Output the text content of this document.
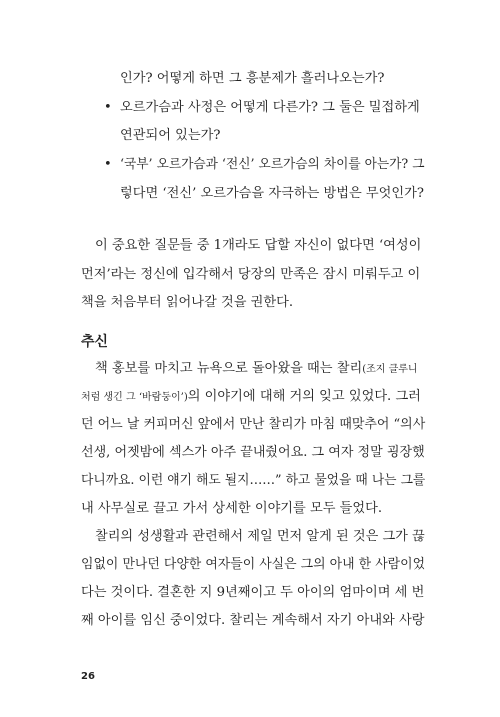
인가? 어떻게 하면 그 흥분제가 흘러나오는가?
• 오르가슴과 사정은 어떻게 다른가? 그 둘은 밀접하게
연관되어 있는가?
• ‘국부’ 오르가슴과 ‘전신’ 오르가슴의 차이를 아는가? 그
렇다면 ‘전신’ 오르가슴을 자극하는 방법은 무엇인가?
이 중요한 질문들 중 1개라도 답할 자신이 없다면 ‘여성이
먼저’라는 정신에 입각해서 당장의 만족은 잠시 미뤄두고 이
책을 처음부터 읽어나갈 것을 권한다.
추신
책 홍보를 마치고 뉴욕으로 돌아왔을 때는 찰리(조지 클루니
처럼 생긴 그 ‘바람둥이’)의 이야기에 대해 거의 잊고 있었다. 그러
던 어느 날 커피머신 앞에서 만난 찰리가 마침 때맞추어 “의사
선생, 어젯밤에 섹스가 아주 끝내줬어요. 그 여자 정말 굉장했
다니까요. 이런 얘기 해도 될지……” 하고 물었을 때 나는 그를
내 사무실로 끌고 가서 상세한 이야기를 모두 들었다.
찰리의 성생활과 관련해서 제일 먼저 알게 된 것은 그가 끊
임없이 만나던 다양한 여자들이 사실은 그의 아내 한 사람이었
다는 것이다. 결혼한 지 9년째이고 두 아이의 엄마이며 세 번
째 아이를 임신 중이었다. 찰리는 계속해서 자기 아내와 사랑
26
